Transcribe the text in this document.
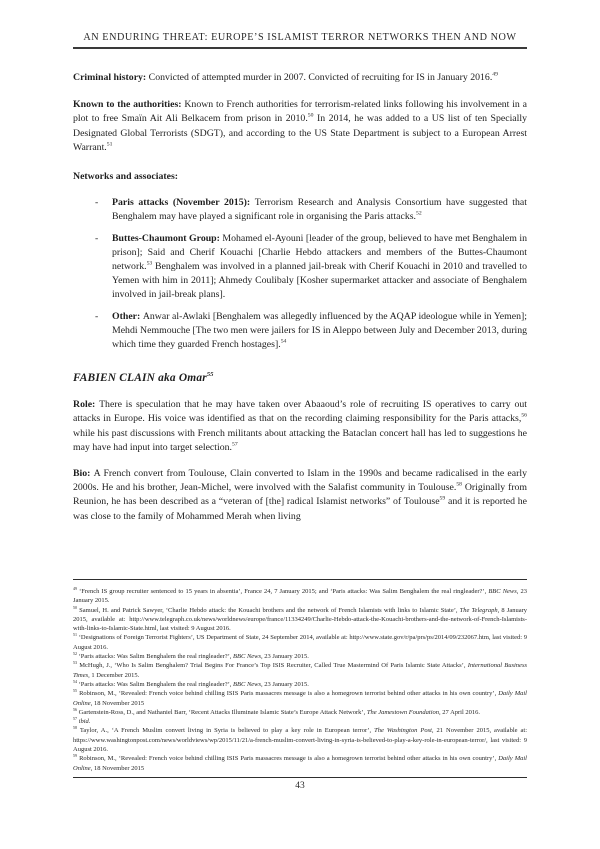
AN ENDURING THREAT: EUROPE’S ISLAMIST TERROR NETWORKS THEN AND NOW

Criminal history: Convicted of attempted murder in 2007. Convicted of recruiting for IS in January 2016.49

Known to the authorities: Known to French authorities for terrorism-related links following his involvement in a plot to free Smaïn Ait Ali Belkacem from prison in 2010.50 In 2014, he was added to a US list of ten Specially Designated Global Terrorists (SDGT), and according to the US State Department is subject to a European Arrest Warrant.$^{51}$

Networks and associates:

-	Paris attacks (November 2015): Terrorism Research and Analysis Consortium have suggested that Benghalem may have played a significant role in organising the Paris attacks.$^{52}$
-	Buttes-Chaumont Group: Mohamed el-Ayouni [leader of the group, believed to have met Benghalem in prison]; Said and Cherif Kouachi [Charlie Hebdo attackers and members of the Buttes-Chaumont network.$^{53}$ Benghalem was involved in a planned jail-break with Cherif Kouachi in 2010 and travelled to Yemen with him in 2011]; Ahmedy Coulibaly [Kosher supermarket attacker and associate of Benghalem involved in jail-break plans].
-	Other: Anwar al-Awlaki [Benghalem was allegedly influenced by the AQAP ideologue while in Yemen]; Mehdi Nemmouche [The two men were jailers for IS in Aleppo between July and December 2013, during which time they guarded French hostages].$^{54}$
FABIEN CLAIN aka Omar$^{55}$

Role: There is speculation that he may have taken over Abaaoud’s role of recruiting IS operatives to carry out attacks in Europe. His voice was identified as that on the recording claiming responsibility for the Paris attacks,$^{56}$ while his past discussions with French militants about attacking the Bataclan concert hall has led to suggestions he may have had input into target selection.$^{57}$

Bio: A French convert from Toulouse, Clain converted to Islam in the 1990s and became radicalised in the early 2000s. He and his brother, Jean-Michel, were involved with the Salafist community in Toulouse.$^{58}$ Originally from Reunion, he has been described as a “veteran of [the] radical Islamist networks” of Toulouse$^{59}$ and it is reported he was close to the family of Mohammed Merah when living

$^{49}$ ‘French IS group recruiter sentenced to 15 years in absentia’, France 24, 7 January 2015; and ‘Paris attacks: Was Salim Benghalem the real ringleader?’, BBC News, 23 January 2015.
$^{50}$ Samuel, H. and Patrick Sawyer, ‘Charlie Hebdo attack: the Kouachi brothers and the network of French Islamists with links to Islamic State’, The Telegraph, 8 January 2015, available at: http://www.telegraph.co.uk/news/worldnews/europe/france/11334249/Charlie-Hebdo-attack-the-Kouachi-brothers-and-the-network-of-French-Islamists-with-links-to-Islamic-State.html, last visited: 9 August 2016.
$^{51}$ ‘Designations of Foreign Terrorist Fighters’, US Department of State, 24 September 2014, available at: http://www.state.gov/r/pa/prs/ps/2014/09/232067.htm, last visited: 9 August 2016.
$^{52}$ ‘Paris attacks: Was Salim Benghalem the real ringleader?’, BBC News, 23 January 2015.
$^{53}$ McHugh, J., ‘Who Is Salim Benghalem? Trial Begins For France’s Top ISIS Recruiter, Called True Mastermind Of Paris Islamic State Attacks’, International Business Times, 1 December 2015.
$^{54}$ ‘Paris attacks: Was Salim Benghalem the real ringleader?’, BBC News, 23 January 2015.
$^{55}$ Robinson, M., ‘Revealed: French voice behind chilling ISIS Paris massacres message is also a homegrown terrorist behind other attacks in his own country’, Daily Mail Online, 18 November 2015
$^{56}$ Gartenstein-Ross, D., and Nathaniel Barr, ‘Recent Attacks Illuminate Islamic State’s Europe Attack Network’, The Jamestown Foundation, 27 April 2016.
$^{57}$ ibid.
$^{58}$ Taylor, A., ‘A French Muslim convert living in Syria is believed to play a key role in European terror’, The Washington Post, 21 November 2015, available at: https://www.washingtonpost.com/news/worldviews/wp/2015/11/21/a-french-muslim-convert-living-in-syria-is-believed-to-play-a-key-role-in-european-terror/, last visited: 9 August 2016.
$^{59}$ Robinson, M., ‘Revealed: French voice behind chilling ISIS Paris massacres message is also a homegrown terrorist behind other attacks in his own country’, Daily Mail Online, 18 November 2015
43
